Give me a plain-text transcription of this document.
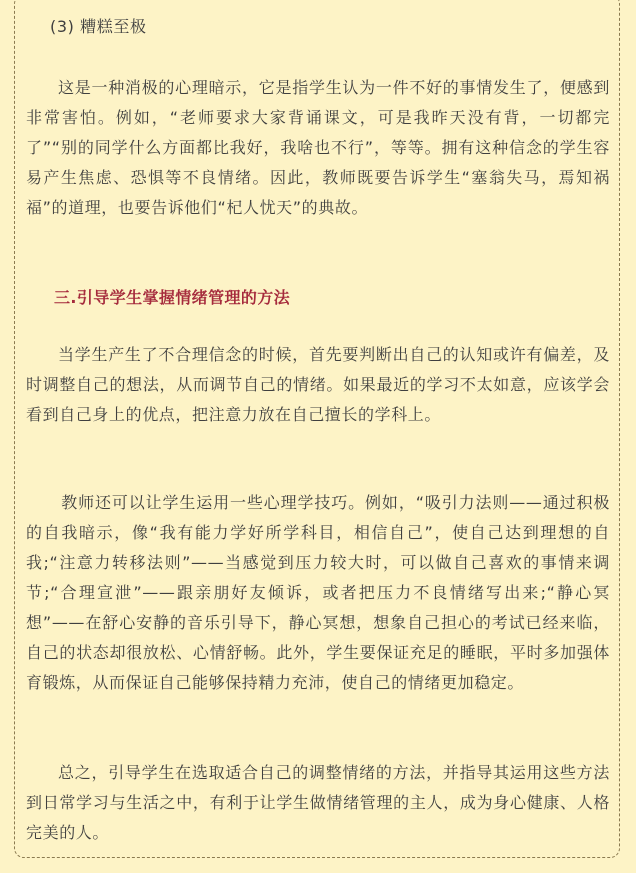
(3) 糟糕至极

这是一种消极的心理暗示，它是指学生认为一件不好的事情发生了，便感到非常害怕。例如，“老师要求大家背诵课文，可是我昨天没有背，一切都完了”“别的同学什么方面都比我好，我啥也不行”，等等。拥有这种信念的学生容易产生焦虑、恐惧等不良情绪。因此，教师既要告诉学生“塞翁失马，焉知祸福”的道理，也要告诉他们“杞人忧天”的典故。

三.引导学生掌握情绪管理的方法

当学生产生了不合理信念的时候，首先要判断出自己的认知或许有偏差，及时调整自己的想法，从而调节自己的情绪。如果最近的学习不太如意，应该学会看到自己身上的优点，把注意力放在自己擅长的学科上。

教师还可以让学生运用一些心理学技巧。例如，“吸引力法则——通过积极的自我暗示，像“我有能力学好所学科目，相信自己”，使自己达到理想的自我;“注意力转移法则”——当感觉到压力较大时，可以做自己喜欢的事情来调节;“合理宣泄”——跟亲朋好友倾诉，或者把压力不良情绪写出来;“静心冥想”——在舒心安静的音乐引导下，静心冥想，想象自己担心的考试已经来临，自己的状态却很放松、心情舒畅。此外，学生要保证充足的睡眠，平时多加强体育锻炼，从而保证自己能够保持精力充沛，使自己的情绪更加稳定。

总之，引导学生在选取适合自己的调整情绪的方法，并指导其运用这些方法到日常学习与生活之中，有利于让学生做情绪管理的主人，成为身心健康、人格完美的人。
